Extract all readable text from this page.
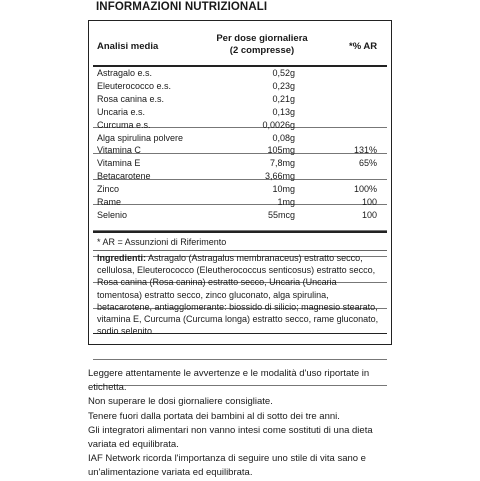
INFORMAZIONI NUTRIZIONALI
Analisi media
Per dose giornaliera
(2 compresse)	*% AR
Astragalo e.s.	0,52g
Eleuterococco e.s.	0,23g
Rosa canina e.s.	0,21g
Uncaria e.s.	0,13g
Curcuma e.s.	0,0026g
Alga spirulina polvere	0,08g
Vitamina C	105mg	131%
Vitamina E	7,8mg	65%
Betacarotene	3,66mg
Zinco	10mg	100%
Rame	1mg	100
Selenio	55mcg	100
* AR = Assunzioni di Riferimento
Ingredienti: Astragalo (Astragalus membranaceus) estratto secco, cellulosa, Eleuterococco (Eleutherococcus senticosus) estratto secco, Rosa canina (Rosa canina) estratto secco, Uncaria (Uncaria tomentosa) estratto secco, zinco gluconato, alga spirulina, betacarotene, antiagglomerante: biossido di silicio; magnesio stearato, vitamina E, Curcuma (Curcuma longa) estratto secco, rame gluconato, sodio selenito.
Leggere attentamente le avvertenze e le modalità d'uso riportate in etichetta.
Non superare le dosi giornaliere consigliate.
Tenere fuori dalla portata dei bambini al di sotto dei tre anni.
Gli integratori alimentari non vanno intesi come sostituti di una dieta variata ed equilibrata.
IAF Network ricorda l'importanza di seguire uno stile di vita sano e un'alimentazione variata ed equilibrata.
